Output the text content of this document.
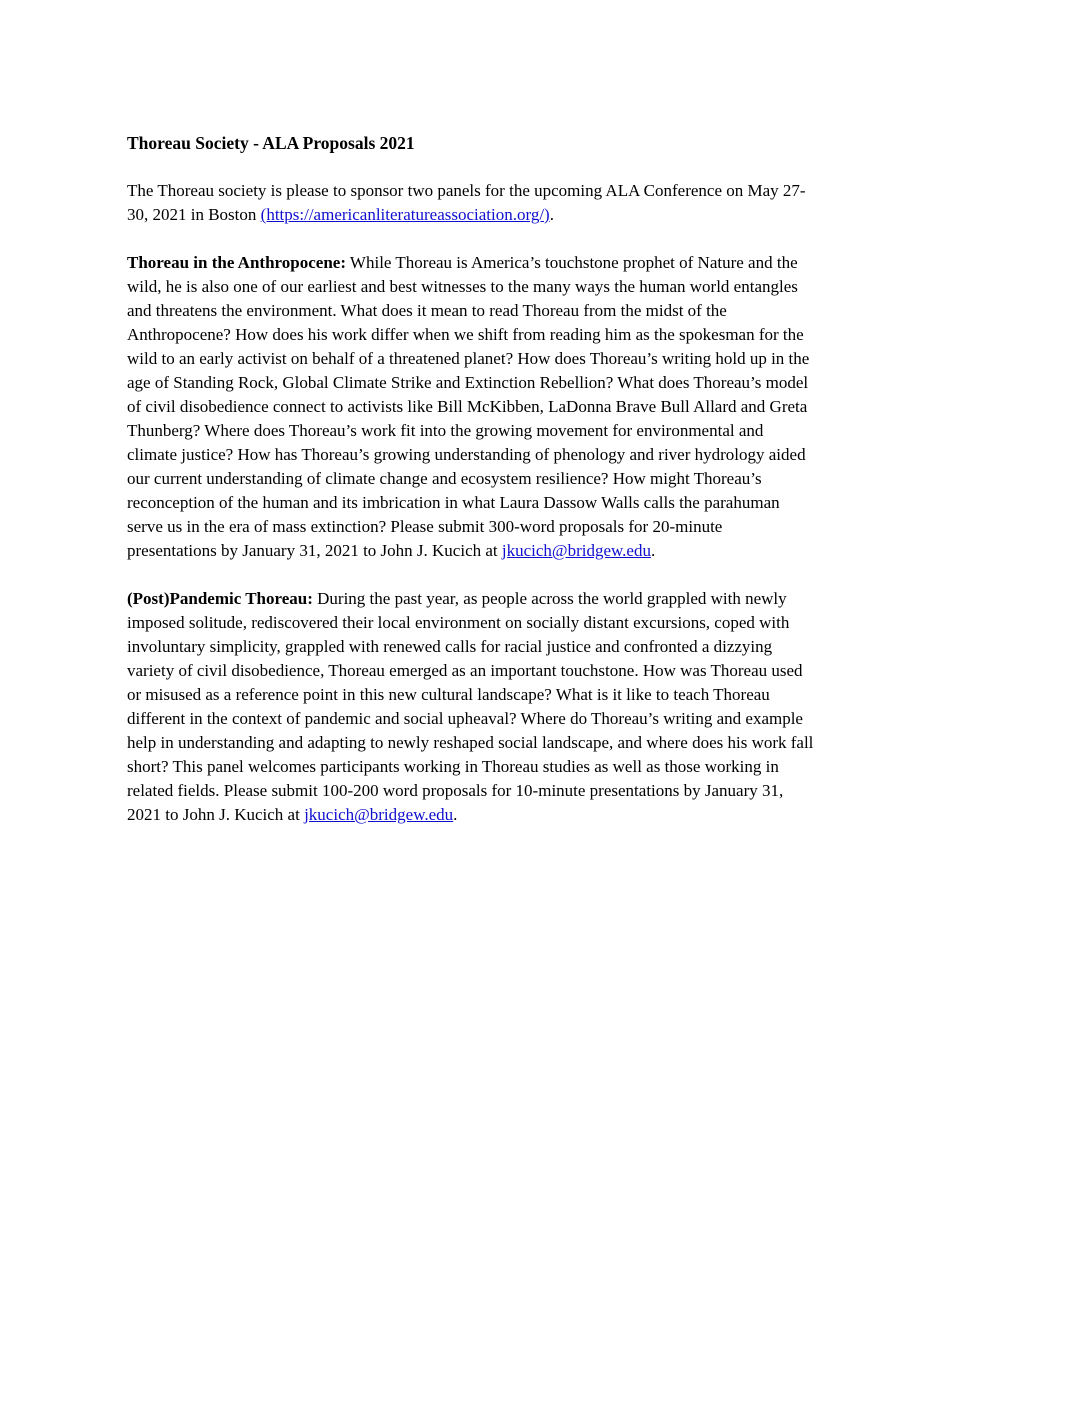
Thoreau Society - ALA Proposals 2021
The Thoreau society is please to sponsor two panels for the upcoming ALA Conference on May 27-
30, 2021 in Boston (https://americanliteratureassociation.org/).
Thoreau in the Anthropocene: While Thoreau is America’s touchstone prophet of Nature and the
wild, he is also one of our earliest and best witnesses to the many ways the human world entangles
and threatens the environment. What does it mean to read Thoreau from the midst of the
Anthropocene? How does his work differ when we shift from reading him as the spokesman for the
wild to an early activist on behalf of a threatened planet? How does Thoreau’s writing hold up in the
age of Standing Rock, Global Climate Strike and Extinction Rebellion? What does Thoreau’s model
of civil disobedience connect to activists like Bill McKibben, LaDonna Brave Bull Allard and Greta
Thunberg? Where does Thoreau’s work fit into the growing movement for environmental and
climate justice? How has Thoreau’s growing understanding of phenology and river hydrology aided
our current understanding of climate change and ecosystem resilience? How might Thoreau’s
reconception of the human and its imbrication in what Laura Dassow Walls calls the parahuman
serve us in the era of mass extinction? Please submit 300-word proposals for 20-minute
presentations by January 31, 2021 to John J. Kucich at jkucich@bridgew.edu.
(Post)Pandemic Thoreau: During the past year, as people across the world grappled with newly
imposed solitude, rediscovered their local environment on socially distant excursions, coped with
involuntary simplicity, grappled with renewed calls for racial justice and confronted a dizzying
variety of civil disobedience, Thoreau emerged as an important touchstone. How was Thoreau used
or misused as a reference point in this new cultural landscape? What is it like to teach Thoreau
different in the context of pandemic and social upheaval? Where do Thoreau’s writing and example
help in understanding and adapting to newly reshaped social landscape, and where does his work fall
short? This panel welcomes participants working in Thoreau studies as well as those working in
related fields. Please submit 100-200 word proposals for 10-minute presentations by January 31,
2021 to John J. Kucich at jkucich@bridgew.edu.
